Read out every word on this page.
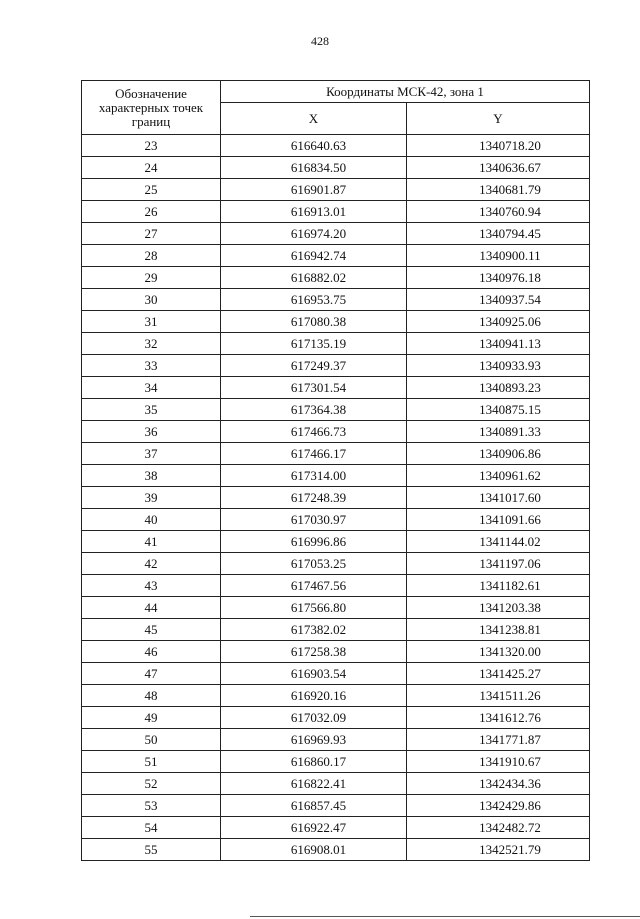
428
Обозначение характерных точек границ	Координаты МСК-42, зона 1	
	X	Y
23	616640.63	1340718.20
24	616834.50	1340636.67
25	616901.87	1340681.79
26	616913.01	1340760.94
27	616974.20	1340794.45
28	616942.74	1340900.11
29	616882.02	1340976.18
30	616953.75	1340937.54
31	617080.38	1340925.06
32	617135.19	1340941.13
33	617249.37	1340933.93
34	617301.54	1340893.23
35	617364.38	1340875.15
36	617466.73	1340891.33
37	617466.17	1340906.86
38	617314.00	1340961.62
39	617248.39	1341017.60
40	617030.97	1341091.66
41	616996.86	1341144.02
42	617053.25	1341197.06
43	617467.56	1341182.61
44	617566.80	1341203.38
45	617382.02	1341238.81
46	617258.38	1341320.00
47	616903.54	1341425.27
48	616920.16	1341511.26
49	617032.09	1341612.76
50	616969.93	1341771.87
51	616860.17	1341910.67
52	616822.41	1342434.36
53	616857.45	1342429.86
54	616922.47	1342482.72
55	616908.01	1342521.79
